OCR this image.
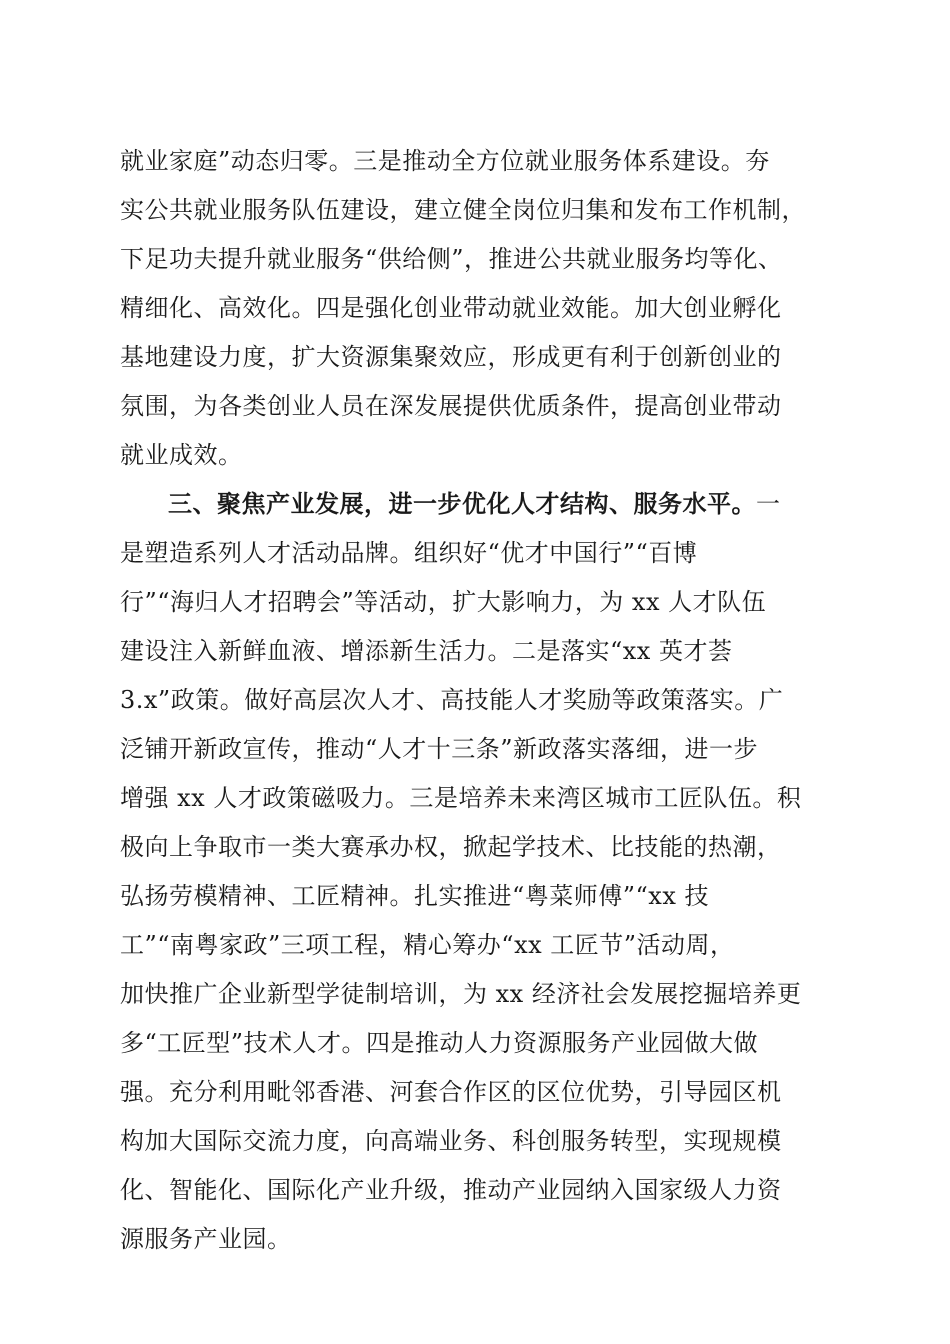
就业家庭”动态归零。三是推动全方位就业服务体系建设。夯
实公共就业服务队伍建设，建立健全岗位归集和发布工作机制，
下足功夫提升就业服务“供给侧”，推进公共就业服务均等化、
精细化、高效化。四是强化创业带动就业效能。加大创业孵化
基地建设力度，扩大资源集聚效应，形成更有利于创新创业的
氛围，为各类创业人员在深发展提供优质条件，提高创业带动
就业成效。
三、聚焦产业发展，进一步优化人才结构、服务水平。一
是塑造系列人才活动品牌。组织好“优才中国行”“百博
行”“海归人才招聘会”等活动，扩大影响力，为 xx 人才队伍
建设注入新鲜血液、增添新生活力。二是落实“xx 英才荟
3.x”政策。做好高层次人才、高技能人才奖励等政策落实。广
泛铺开新政宣传，推动“人才十三条”新政落实落细，进一步
增强 xx 人才政策磁吸力。三是培养未来湾区城市工匠队伍。积
极向上争取市一类大赛承办权，掀起学技术、比技能的热潮，
弘扬劳模精神、工匠精神。扎实推进“粤菜师傅”“xx 技
工”“南粤家政”三项工程，精心筹办“xx 工匠节”活动周，
加快推广企业新型学徒制培训，为 xx 经济社会发展挖掘培养更
多“工匠型”技术人才。四是推动人力资源服务产业园做大做
强。充分利用毗邻香港、河套合作区的区位优势，引导园区机
构加大国际交流力度，向高端业务、科创服务转型，实现规模
化、智能化、国际化产业升级，推动产业园纳入国家级人力资
源服务产业园。
